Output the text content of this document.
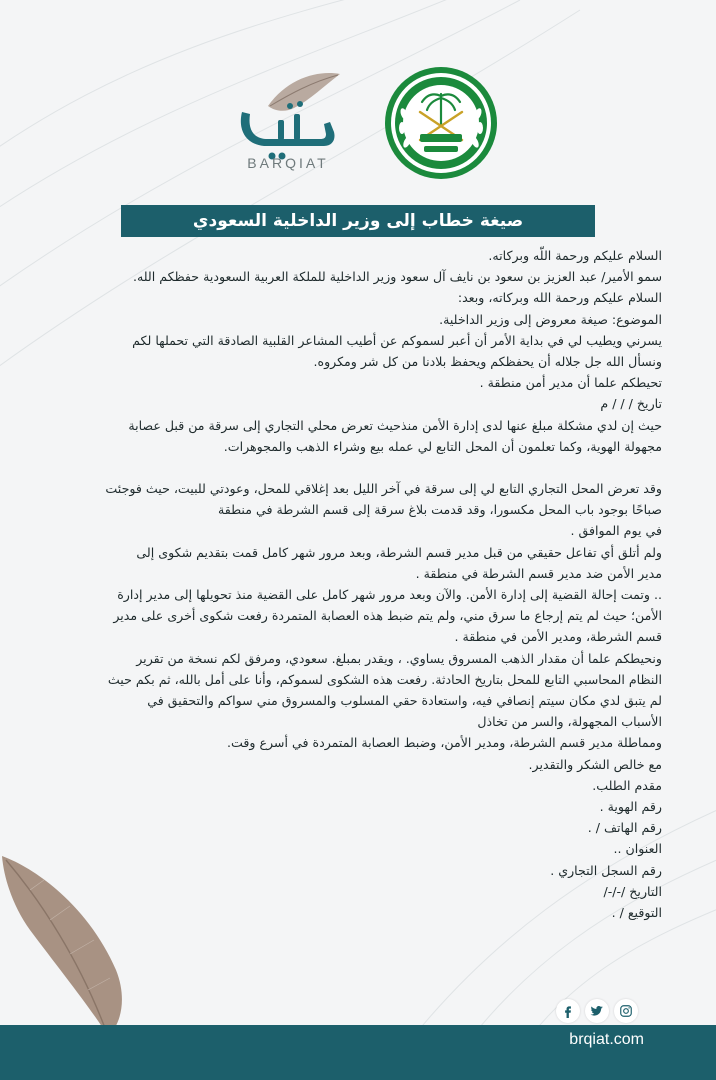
BARQIAT
صيغة خطاب إلى وزير الداخلية السعودي

السلام عليكم ورحمة اللّه وبركاته.

سمو الأمير/ عبد العزيز بن سعود بن نايف آل سعود وزير الداخلية للملكة العربية السعودية حفظكم الله.

السلام عليكم ورحمة الله وبركاته، وبعد:

الموضوع: صيغة معروض إلى وزير الداخلية.

يسرني ويطيب لي في بداية الأمر أن أعبر لسموكم عن أطيب المشاعر القلبية الصادقة التي تحملها لكم

ونسأل الله جل جلاله أن يحفظكم ويحفظ بلادنا من كل شر ومكروه.

تحيطكم علما أن مدير أمن منطقة .

تاريخ / / / م

حيث إن لدي مشكلة مبلغ عنها لدى إدارة الأمن منذحيث تعرض محلي التجاري إلى سرقة من قبل عصابة

مجهولة الهوية، وكما تعلمون أن المحل التابع لي عمله بيع وشراء الذهب والمجوهرات.

وقد تعرض المحل التجاري التابع لي إلى سرقة في آخر الليل بعد إغلاقي للمحل، وعودتي للبيت، حيث فوجئت

صباحًا بوجود باب المحل مكسورا، وقد قدمت بلاغ سرقة إلى قسم الشرطة في منطقة

في يوم الموافق .

ولم أتلق أي تفاعل حقيقي من قبل مدير قسم الشرطة، وبعد مرور شهر كامل قمت بتقديم شكوى إلى

مدير الأمن ضد مدير قسم الشرطة في منطقة .

.. وتمت إحالة القضية إلى إدارة الأمن. والآن وبعد مرور شهر كامل على القضية منذ تحويلها إلى مدير إدارة

الأمن؛ حيث لم يتم إرجاع ما سرق مني، ولم يتم ضبط هذه العصابة المتمردة رفعت شكوى أخرى على مدير

قسم الشرطة، ومدير الأمن في منطقة .

ونحيطكم علما أن مقدار الذهب المسروق يساوي. ، ويقدر بمبلغ. سعودي، ومرفق لكم نسخة من تقرير

النظام المحاسبي التابع للمحل بتاريخ الحادثة. رفعت هذه الشكوى لسموكم، وأنا على أمل بالله، ثم بكم حيث

لم يتبق لدي مكان سيتم إنصافي فيه، واستعادة حقي المسلوب والمسروق مني سواكم والتحقيق في

الأسباب المجهولة، والسر من تخاذل

ومماطلة مدير قسم الشرطة، ومدير الأمن، وضبط العصابة المتمردة في أسرع وقت.

مع خالص الشكر والتقدير.

مقدم الطلب.

رقم الهوية .

رقم الهاتف / .

العنوان ..

رقم السجل التجاري .

التاريخ /-/-/

التوقيع / .

brqiat.com
